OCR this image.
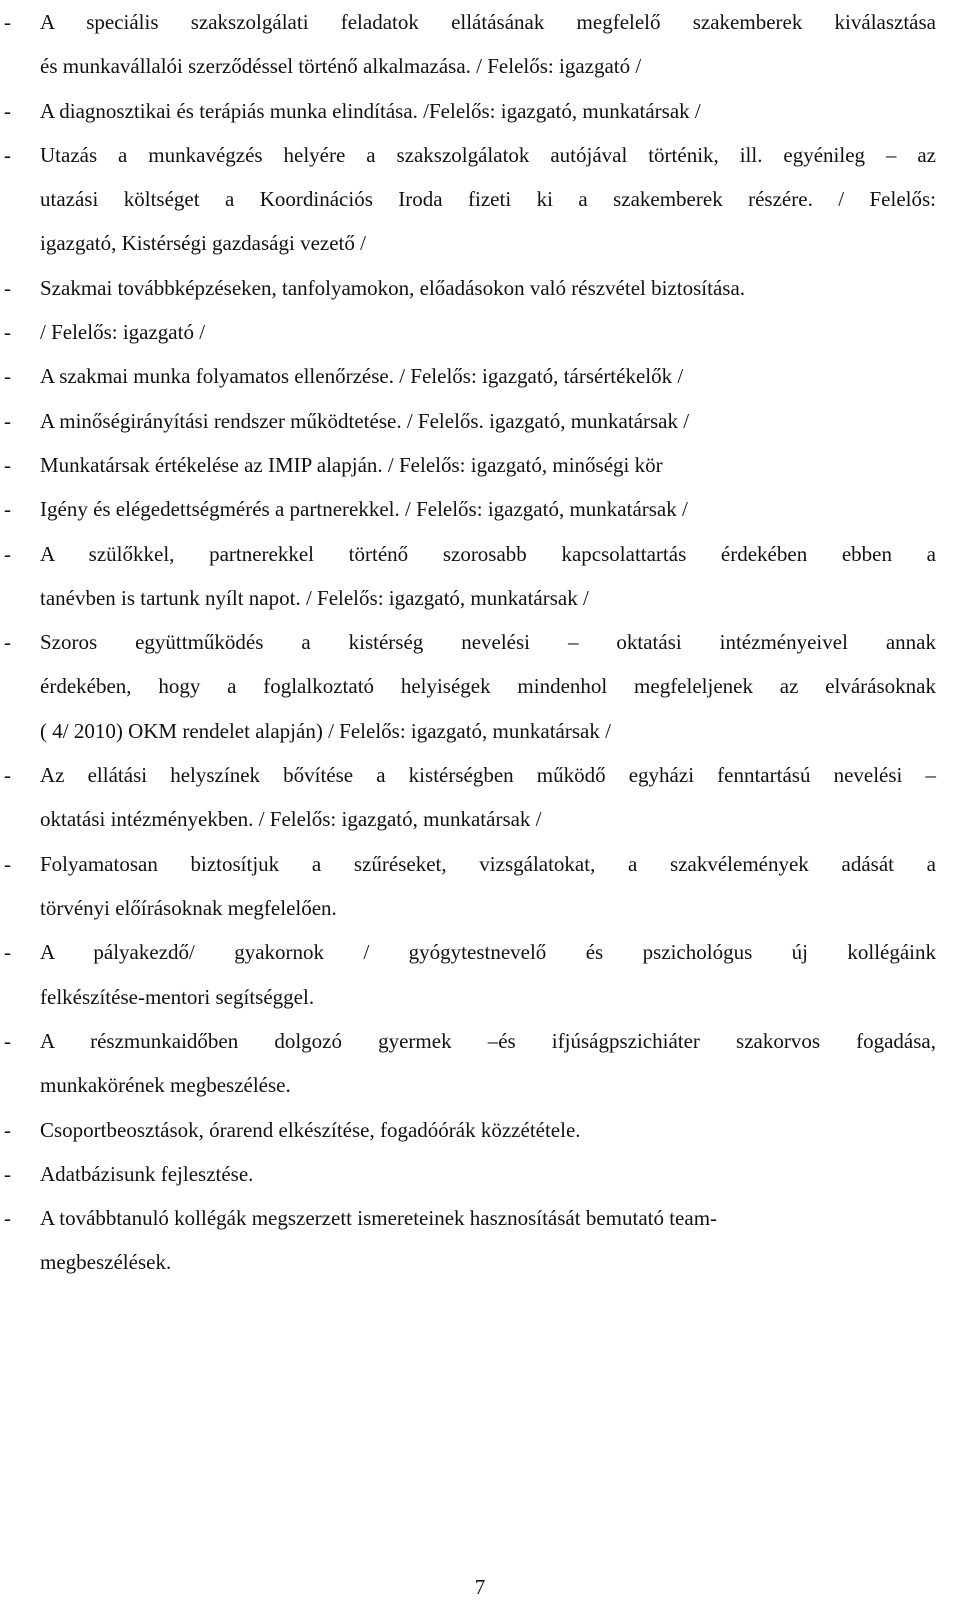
- A speciális szakszolgálati feladatok ellátásának megfelelő szakemberek kiválasztása
és munkavállalói szerződéssel történő alkalmazása. / Felelős: igazgató /
- A diagnosztikai és terápiás munka elindítása. /Felelős: igazgató, munkatársak /
- Utazás a munkavégzés helyére a szakszolgálatok autójával történik, ill. egyénileg – az
utazási költséget a Koordinációs Iroda fizeti ki a szakemberek részére. / Felelős:
igazgató, Kistérségi gazdasági vezető /
- Szakmai továbbképzéseken, tanfolyamokon, előadásokon való részvétel biztosítása.
- / Felelős: igazgató /
- A szakmai munka folyamatos ellenőrzése. / Felelős: igazgató, társértékelők /
- A minőségirányítási rendszer működtetése. / Felelős. igazgató, munkatársak /
- Munkatársak értékelése az IMIP alapján. / Felelős: igazgató, minőségi kör
- Igény és elégedettségmérés a partnerekkel. / Felelős: igazgató, munkatársak /
- A szülőkkel, partnerekkel történő szorosabb kapcsolattartás érdekében ebben a
tanévben is tartunk nyílt napot. / Felelős: igazgató, munkatársak /
- Szoros együttműködés a kistérség nevelési – oktatási intézményeivel annak
érdekében, hogy a foglalkoztató helyiségek mindenhol megfeleljenek az elvárásoknak
( 4/ 2010) OKM rendelet alapján) / Felelős: igazgató, munkatársak /
- Az ellátási helyszínek bővítése a kistérségben működő egyházi fenntartású nevelési –
oktatási intézményekben. / Felelős: igazgató, munkatársak /
- Folyamatosan biztosítjuk a szűréseket, vizsgálatokat, a szakvélemények adását a
törvényi előírásoknak megfelelően.
- A pályakezdő/ gyakornok / gyógytestnevelő és pszichológus új kollégáink
felkészítése-mentori segítséggel.
- A részmunkaidőben dolgozó gyermek –és ifjúságpszichiáter szakorvos fogadása,
munkakörének megbeszélése.
- Csoportbeosztások, órarend elkészítése, fogadóórák közzététele.
- Adatbázisunk fejlesztése.
- A továbbtanuló kollégák megszerzett ismereteinek hasznosítását bemutató team-
megbeszélések.
7
